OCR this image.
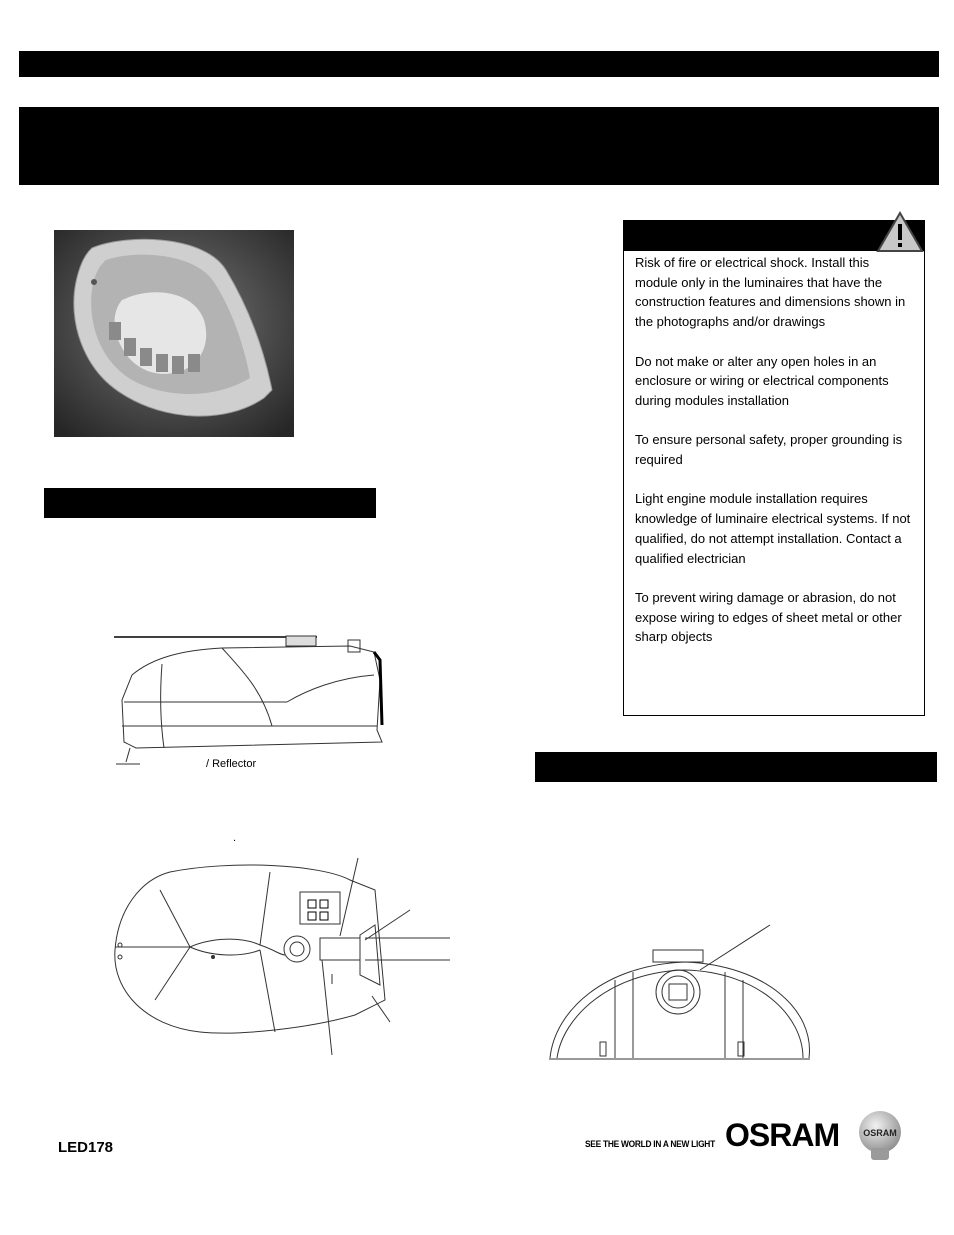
Risk of fire or electrical shock. Install this module only in the luminaires that have the construction features and dimensions shown in the photographs and/or drawings

Do not make or alter any open holes in an enclosure or wiring or electrical components during modules installation

To ensure personal safety, proper grounding is required

Light engine module installation requires knowledge of luminaire electrical systems. If not qualified, do not attempt installation. Contact a qualified electrician

To prevent wiring damage or abrasion, do not expose wiring to edges of sheet metal or other sharp objects

/ Reflector
.
LED178	SEE THE WORLD IN A NEW LIGHT OSRAM	OSRAM
